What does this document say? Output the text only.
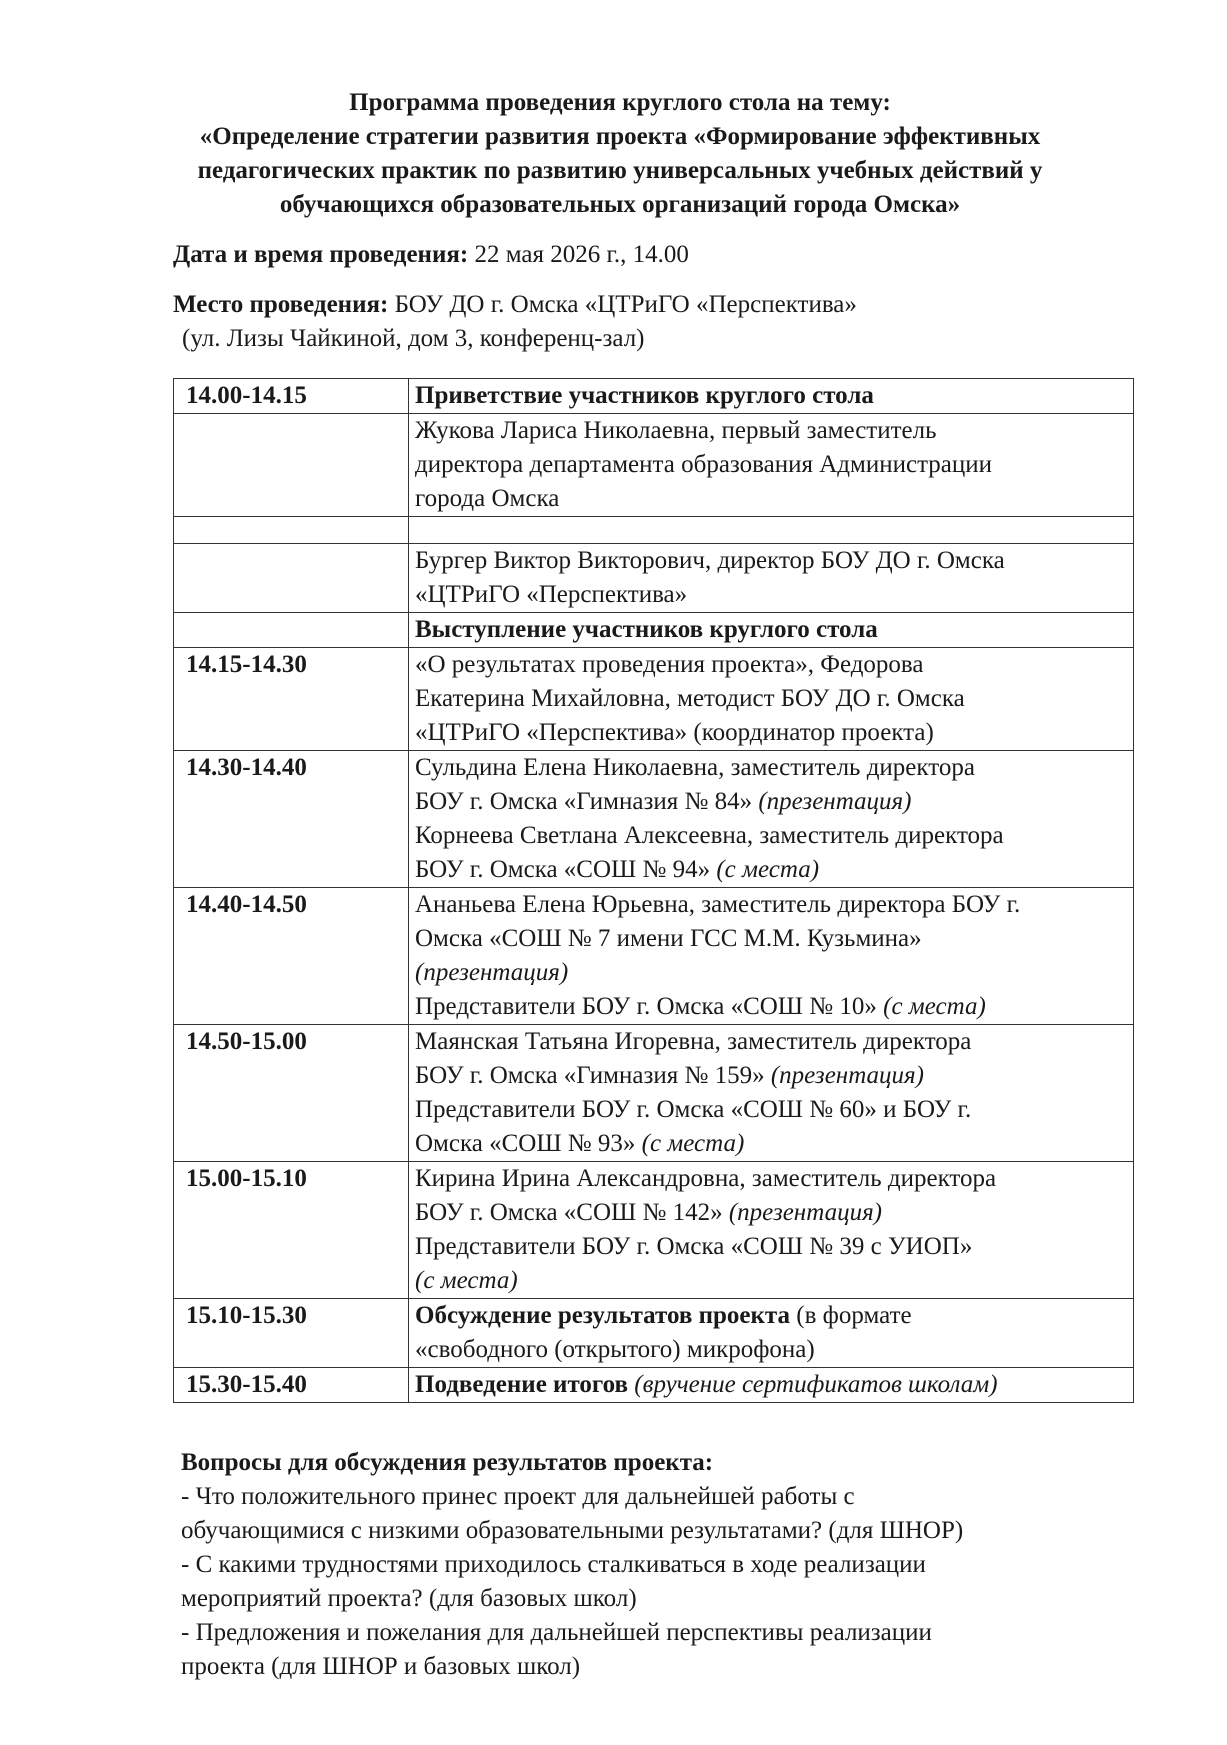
Программа проведения круглого стола на тему:
«Определение стратегии развития проекта «Формирование эффективных
педагогических практик по развитию универсальных учебных действий у
обучающихся образовательных организаций города Омска»
Дата и время проведения: 22 мая 2026 г., 14.00
Место проведения: БОУ ДО г. Омска «ЦТРиГО «Перспектива»
(ул. Лизы Чайкиной, дом 3, конференц-зал)
14.00-14.15	Приветствие участников круглого стола

	Жукова Лариса Николаевна, первый заместитель
директора департамента образования Администрации
города Омска

	Бургер Виктор Викторович, директор БОУ ДО г. Омска
«ЦТРиГО «Перспектива»

	Выступление участников круглого стола

14.15-14.30	«О результатах проведения проекта», Федорова
Екатерина Михайловна, методист БОУ ДО г. Омска
«ЦТРиГО «Перспектива» (координатор проекта)

14.30-14.40	Сульдина Елена Николаевна, заместитель директора
БОУ г. Омска «Гимназия № 84» (презентация)
Корнеева Светлана Алексеевна, заместитель директора
БОУ г. Омска «СОШ № 94» (с места)

14.40-14.50	Ананьева Елена Юрьевна, заместитель директора БОУ г.
Омска «СОШ № 7 имени ГСС М.М. Кузьмина»
(презентация)
Представители БОУ г. Омска «СОШ № 10» (с места)

14.50-15.00	Маянская Татьяна Игоревна, заместитель директора
БОУ г. Омска «Гимназия № 159» (презентация)
Представители БОУ г. Омска «СОШ № 60» и БОУ г.
Омска «СОШ № 93» (с места)

15.00-15.10	Кирина Ирина Александровна, заместитель директора
БОУ г. Омска «СОШ № 142» (презентация)
Представители БОУ г. Омска «СОШ № 39 с УИОП»
(с места)

15.10-15.30	Обсуждение результатов проекта (в формате
«свободного (открытого) микрофона)

15.30-15.40	Подведение итогов (вручение сертификатов школам)
Вопросы для обсуждения результатов проекта:
- Что положительного принес проект для дальнейшей работы с
обучающимися с низкими образовательными результатами? (для ШНОР)
- С какими трудностями приходилось сталкиваться в ходе реализации
мероприятий проекта? (для базовых школ)
- Предложения и пожелания для дальнейшей перспективы реализации
проекта (для ШНОР и базовых школ)
